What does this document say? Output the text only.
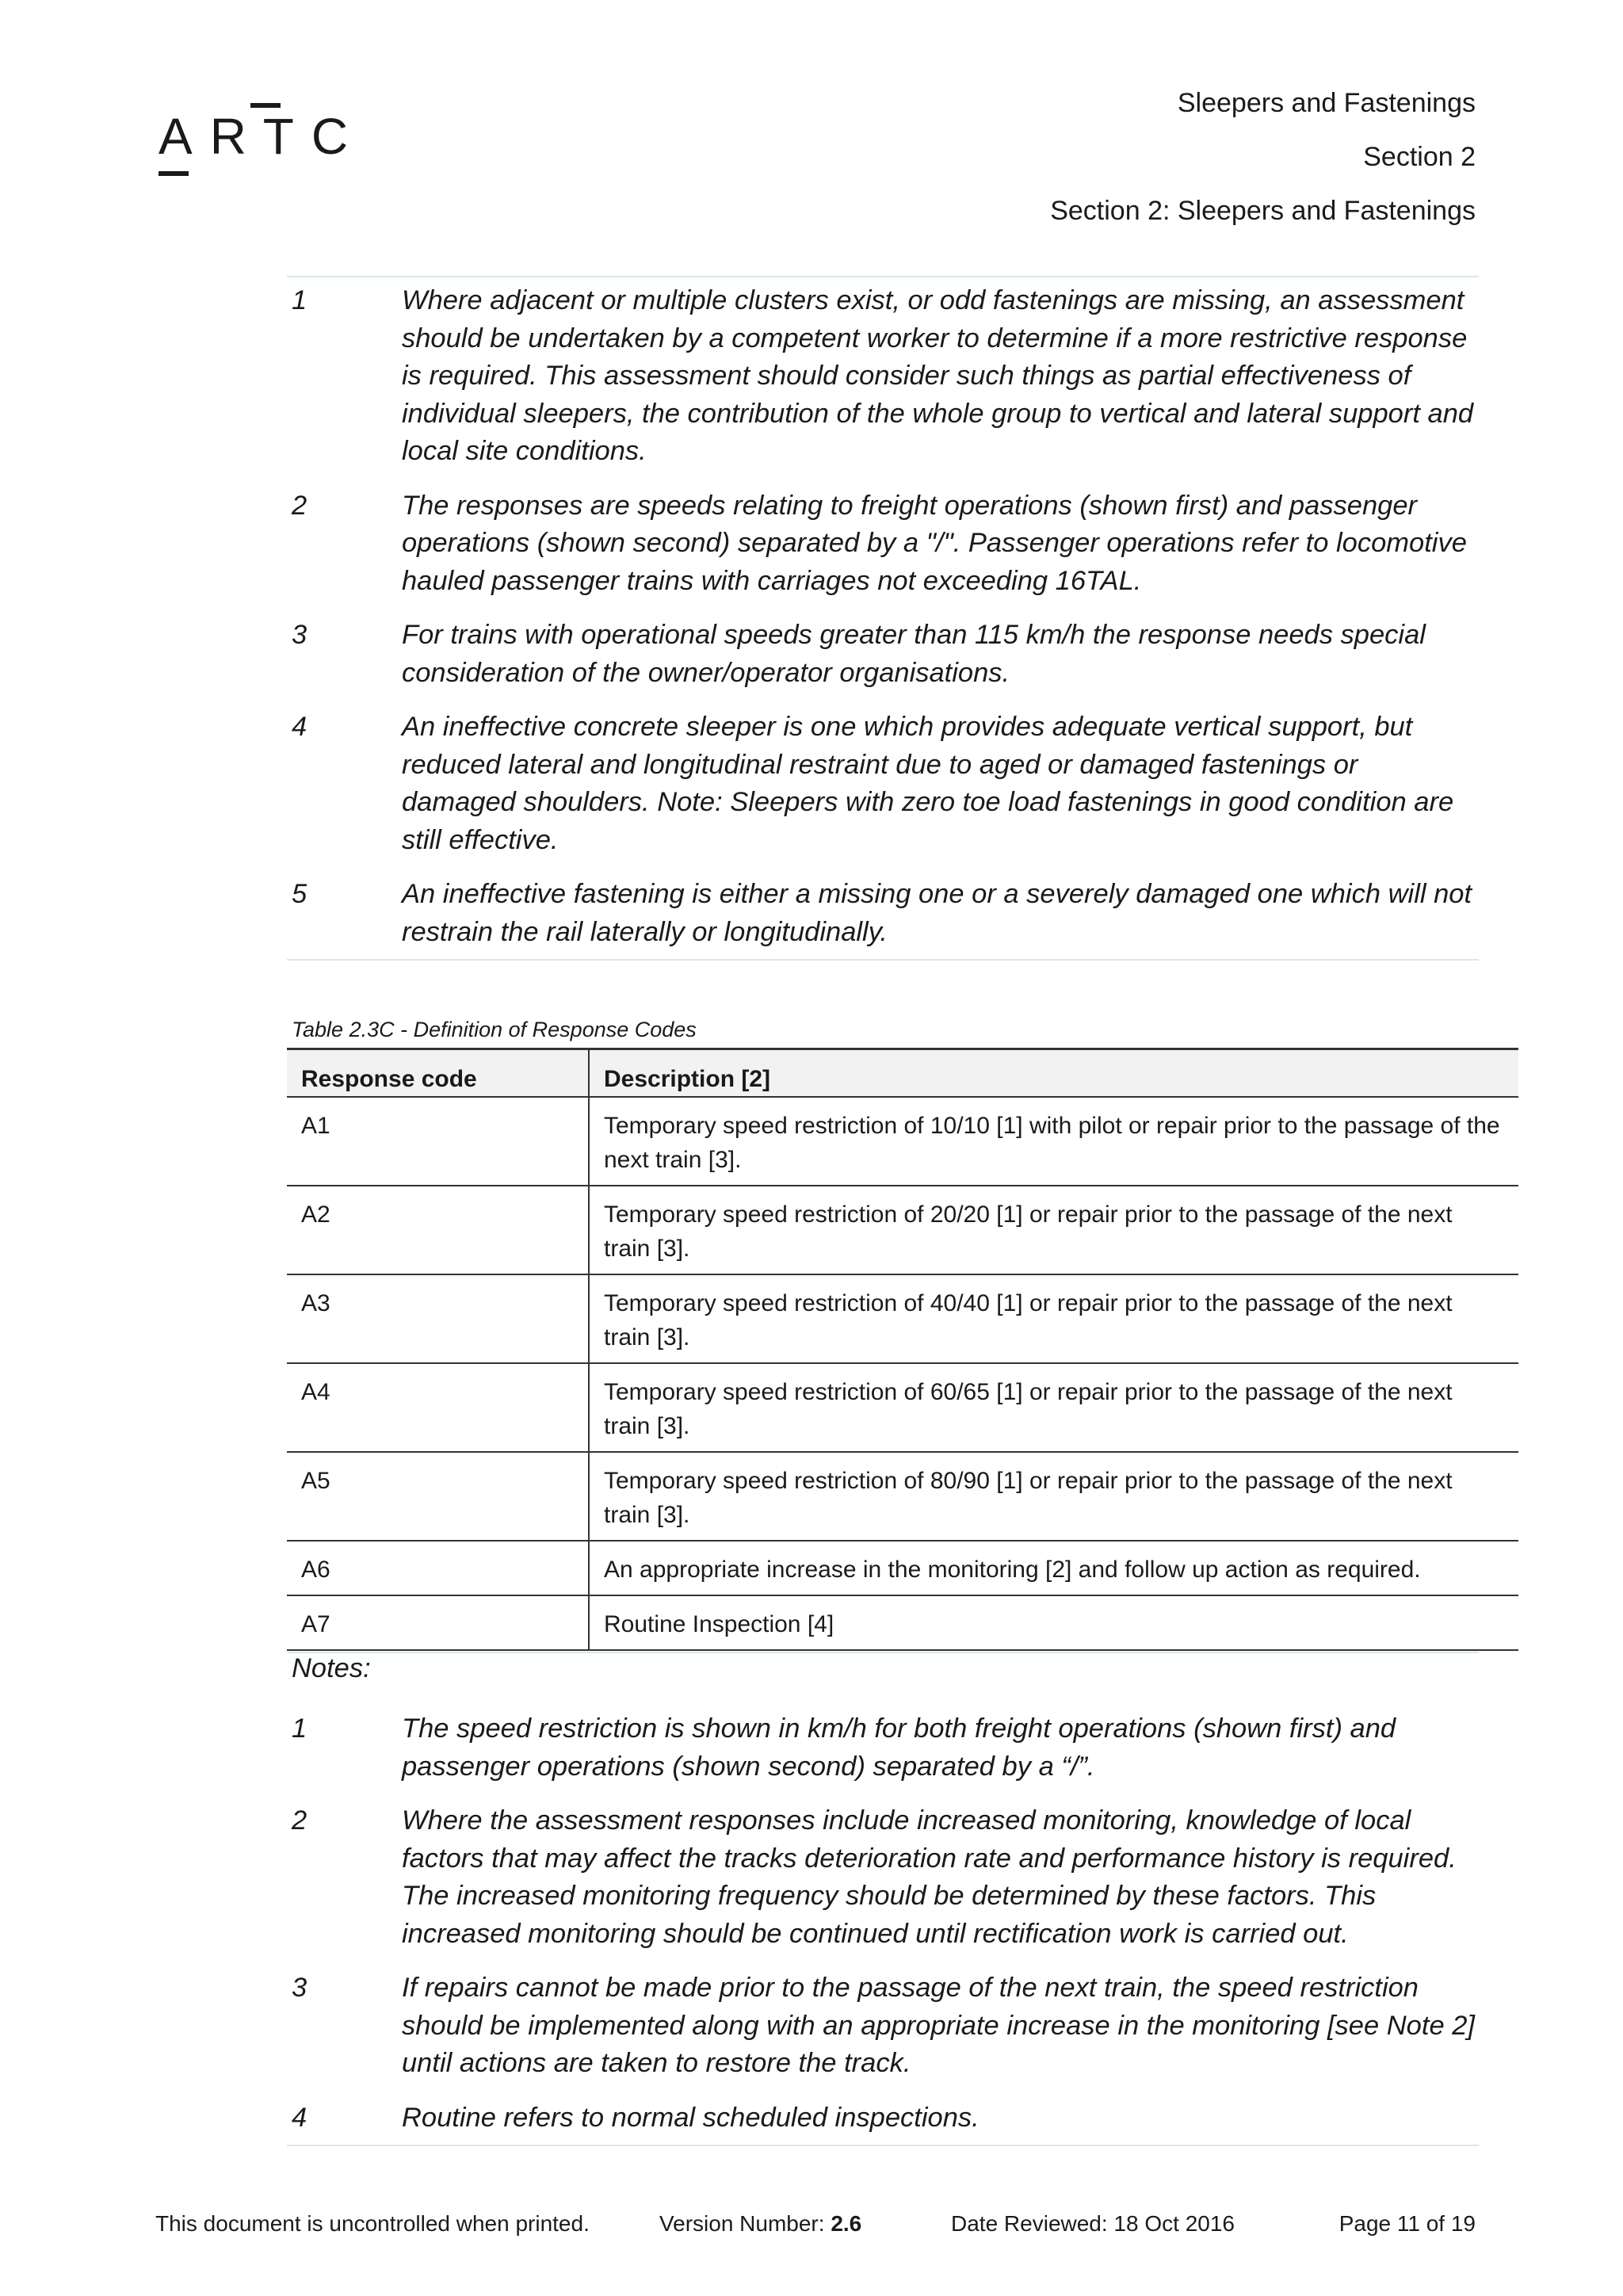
ARTC
Sleepers and Fastenings
Section 2
Section 2: Sleepers and Fastenings
1	Where adjacent or multiple clusters exist, or odd fastenings are missing, an assessment should be undertaken by a competent worker to determine if a more restrictive response is required. This assessment should consider such things as partial effectiveness of individual sleepers, the contribution of the whole group to vertical and lateral support and local site conditions.
2	The responses are speeds relating to freight operations (shown first) and passenger operations (shown second) separated by a "/". Passenger operations refer to locomotive hauled passenger trains with carriages not exceeding 16TAL.
3	For trains with operational speeds greater than 115 km/h the response needs special consideration of the owner/operator organisations.
4	An ineffective concrete sleeper is one which provides adequate vertical support, but reduced lateral and longitudinal restraint due to aged or damaged fastenings or damaged shoulders. Note: Sleepers with zero toe load fastenings in good condition are still effective.
5	An ineffective fastening is either a missing one or a severely damaged one which will not restrain the rail laterally or longitudinally.
Table 2.3C - Definition of Response Codes
Response code	Description [2]
A1	Temporary speed restriction of 10/10 [1] with pilot or repair prior to the passage of the next train [3].
A2	Temporary speed restriction of 20/20 [1] or repair prior to the passage of the next train [3].
A3	Temporary speed restriction of 40/40 [1] or repair prior to the passage of the next train [3].
A4	Temporary speed restriction of 60/65 [1] or repair prior to the passage of the next train [3].
A5	Temporary speed restriction of 80/90 [1] or repair prior to the passage of the next train [3].
A6	An appropriate increase in the monitoring [2] and follow up action as required.
A7	Routine Inspection [4]
Notes:
1	The speed restriction is shown in km/h for both freight operations (shown first) and passenger operations (shown second) separated by a “/”.
2	Where the assessment responses include increased monitoring, knowledge of local factors that may affect the tracks deterioration rate and performance history is required. The increased monitoring frequency should be determined by these factors. This increased monitoring should be continued until rectification work is carried out.
3	If repairs cannot be made prior to the passage of the next train, the speed restriction should be implemented along with an appropriate increase in the monitoring [see Note 2] until actions are taken to restore the track.
4	Routine refers to normal scheduled inspections.
This document is uncontrolled when printed.	Version Number: 2.6	Date Reviewed: 18 Oct 2016	Page 11 of 19
